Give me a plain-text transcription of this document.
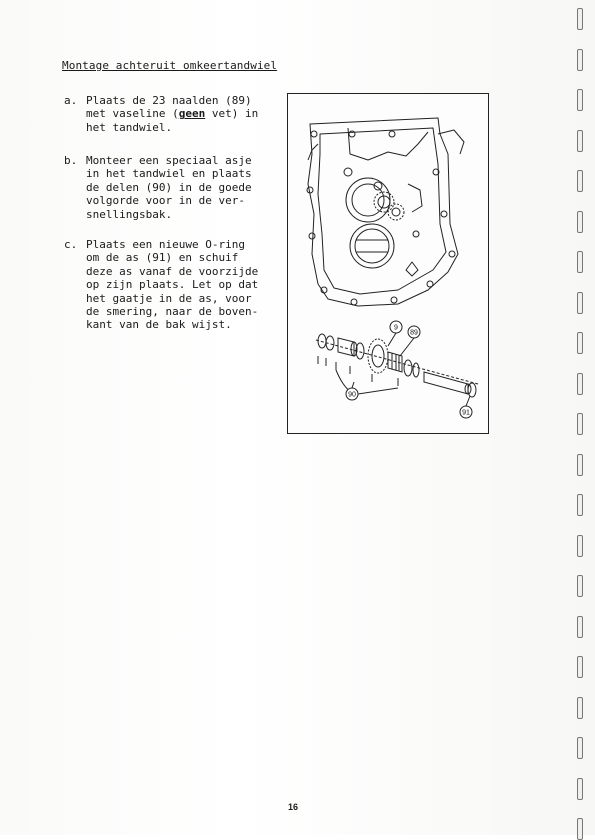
Montage achteruit omkeertandwiel
a. Plaats de 23 naalden (89)
met vaseline (geen vet) in
het tandwiel.
b. Monteer een speciaal asje
in het tandwiel en plaats
de delen (90) in de goede
volgorde voor in de ver-
snellingsbak.
c. Plaats een nieuwe O-ring
om de as (91) en schuif
deze as vanaf de voorzijde
op zijn plaats. Let op dat
het gaatje in de as, voor
de smering, naar de boven-
kant van de bak wijst.	9
89
90
91
16
